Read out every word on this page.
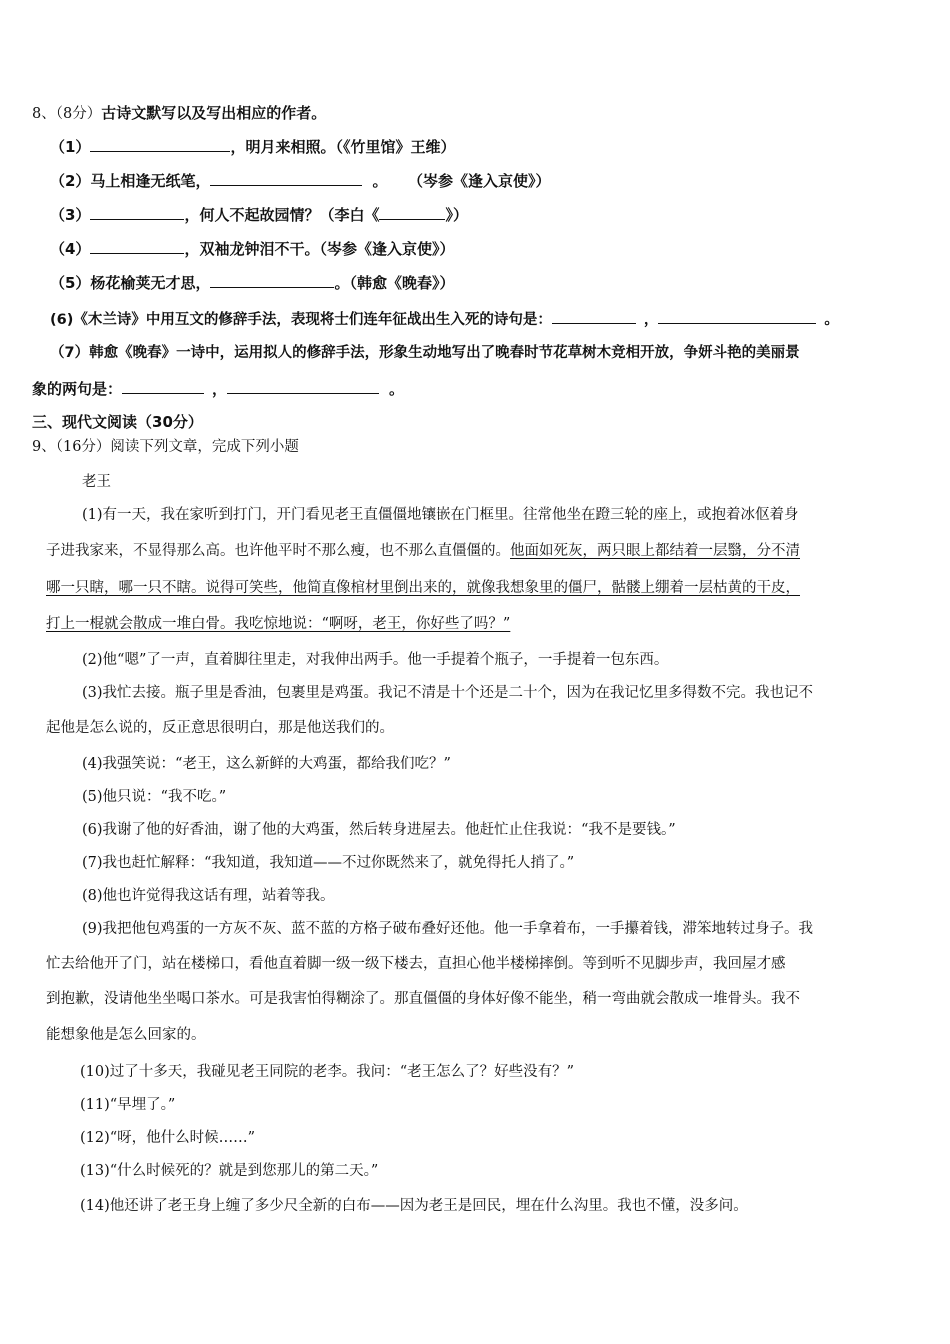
8、（8分）古诗文默写以及写出相应的作者。
（1）	，明月来相照。（《竹里馆》王维）
（2）马上相逢无纸笔，	。 （岑参《逢入京使》）
（3）	，何人不起故园情？（李白《	》）
（4）	，双袖龙钟泪不干。（岑参《逢入京使》）
（5）杨花榆荚无才思，	。（韩愈《晚春》）
(6)《木兰诗》中用互文的修辞手法，表现将士们连年征战出生入死的诗句是：	，	。
（7）韩愈《晚春》一诗中，运用拟人的修辞手法，形象生动地写出了晚春时节花草树木竞相开放，争妍斗艳的美丽景
象的两句是：	，	。
三、现代文阅读（30分）
9、（16分）阅读下列文章，完成下列小题
老王
(1)有一天，我在家听到打门，开门看见老王直僵僵地镶嵌在门框里。往常他坐在蹬三轮的座上，或抱着冰伛着身
子进我家来，不显得那么高。也许他平时不那么瘦，也不那么直僵僵的。他面如死灰，两只眼上都结着一层翳，分不清
哪一只瞎，哪一只不瞎。说得可笑些，他简直像棺材里倒出来的，就像我想象里的僵尸，骷髅上绷着一层枯黄的干皮，
打上一棍就会散成一堆白骨。我吃惊地说：“啊呀，老王，你好些了吗？”
(2)他“嗯”了一声，直着脚往里走，对我伸出两手。他一手提着个瓶子，一手提着一包东西。
(3)我忙去接。瓶子里是香油，包裹里是鸡蛋。我记不清是十个还是二十个，因为在我记忆里多得数不完。我也记不
起他是怎么说的，反正意思很明白，那是他送我们的。
(4)我强笑说：“老王，这么新鲜的大鸡蛋，都给我们吃？”
(5)他只说：“我不吃。”
(6)我谢了他的好香油，谢了他的大鸡蛋，然后转身进屋去。他赶忙止住我说：“我不是要钱。”
(7)我也赶忙解释：“我知道，我知道——不过你既然来了，就免得托人捎了。”
(8)他也许觉得我这话有理，站着等我。
(9)我把他包鸡蛋的一方灰不灰、蓝不蓝的方格子破布叠好还他。他一手拿着布，一手攥着钱，滞笨地转过身子。我
忙去给他开了门，站在楼梯口，看他直着脚一级一级下楼去，直担心他半楼梯摔倒。等到听不见脚步声，我回屋才感
到抱歉，没请他坐坐喝口茶水。可是我害怕得糊涂了。那直僵僵的身体好像不能坐，稍一弯曲就会散成一堆骨头。我不
能想象他是怎么回家的。
(10)过了十多天，我碰见老王同院的老李。我问：“老王怎么了？好些没有？”
(11)“早埋了。”
(12)“呀，他什么时候……”
(13)“什么时候死的？就是到您那儿的第二天。”
(14)他还讲了老王身上缠了多少尺全新的白布——因为老王是回民，埋在什么沟里。我也不懂，没多问。
